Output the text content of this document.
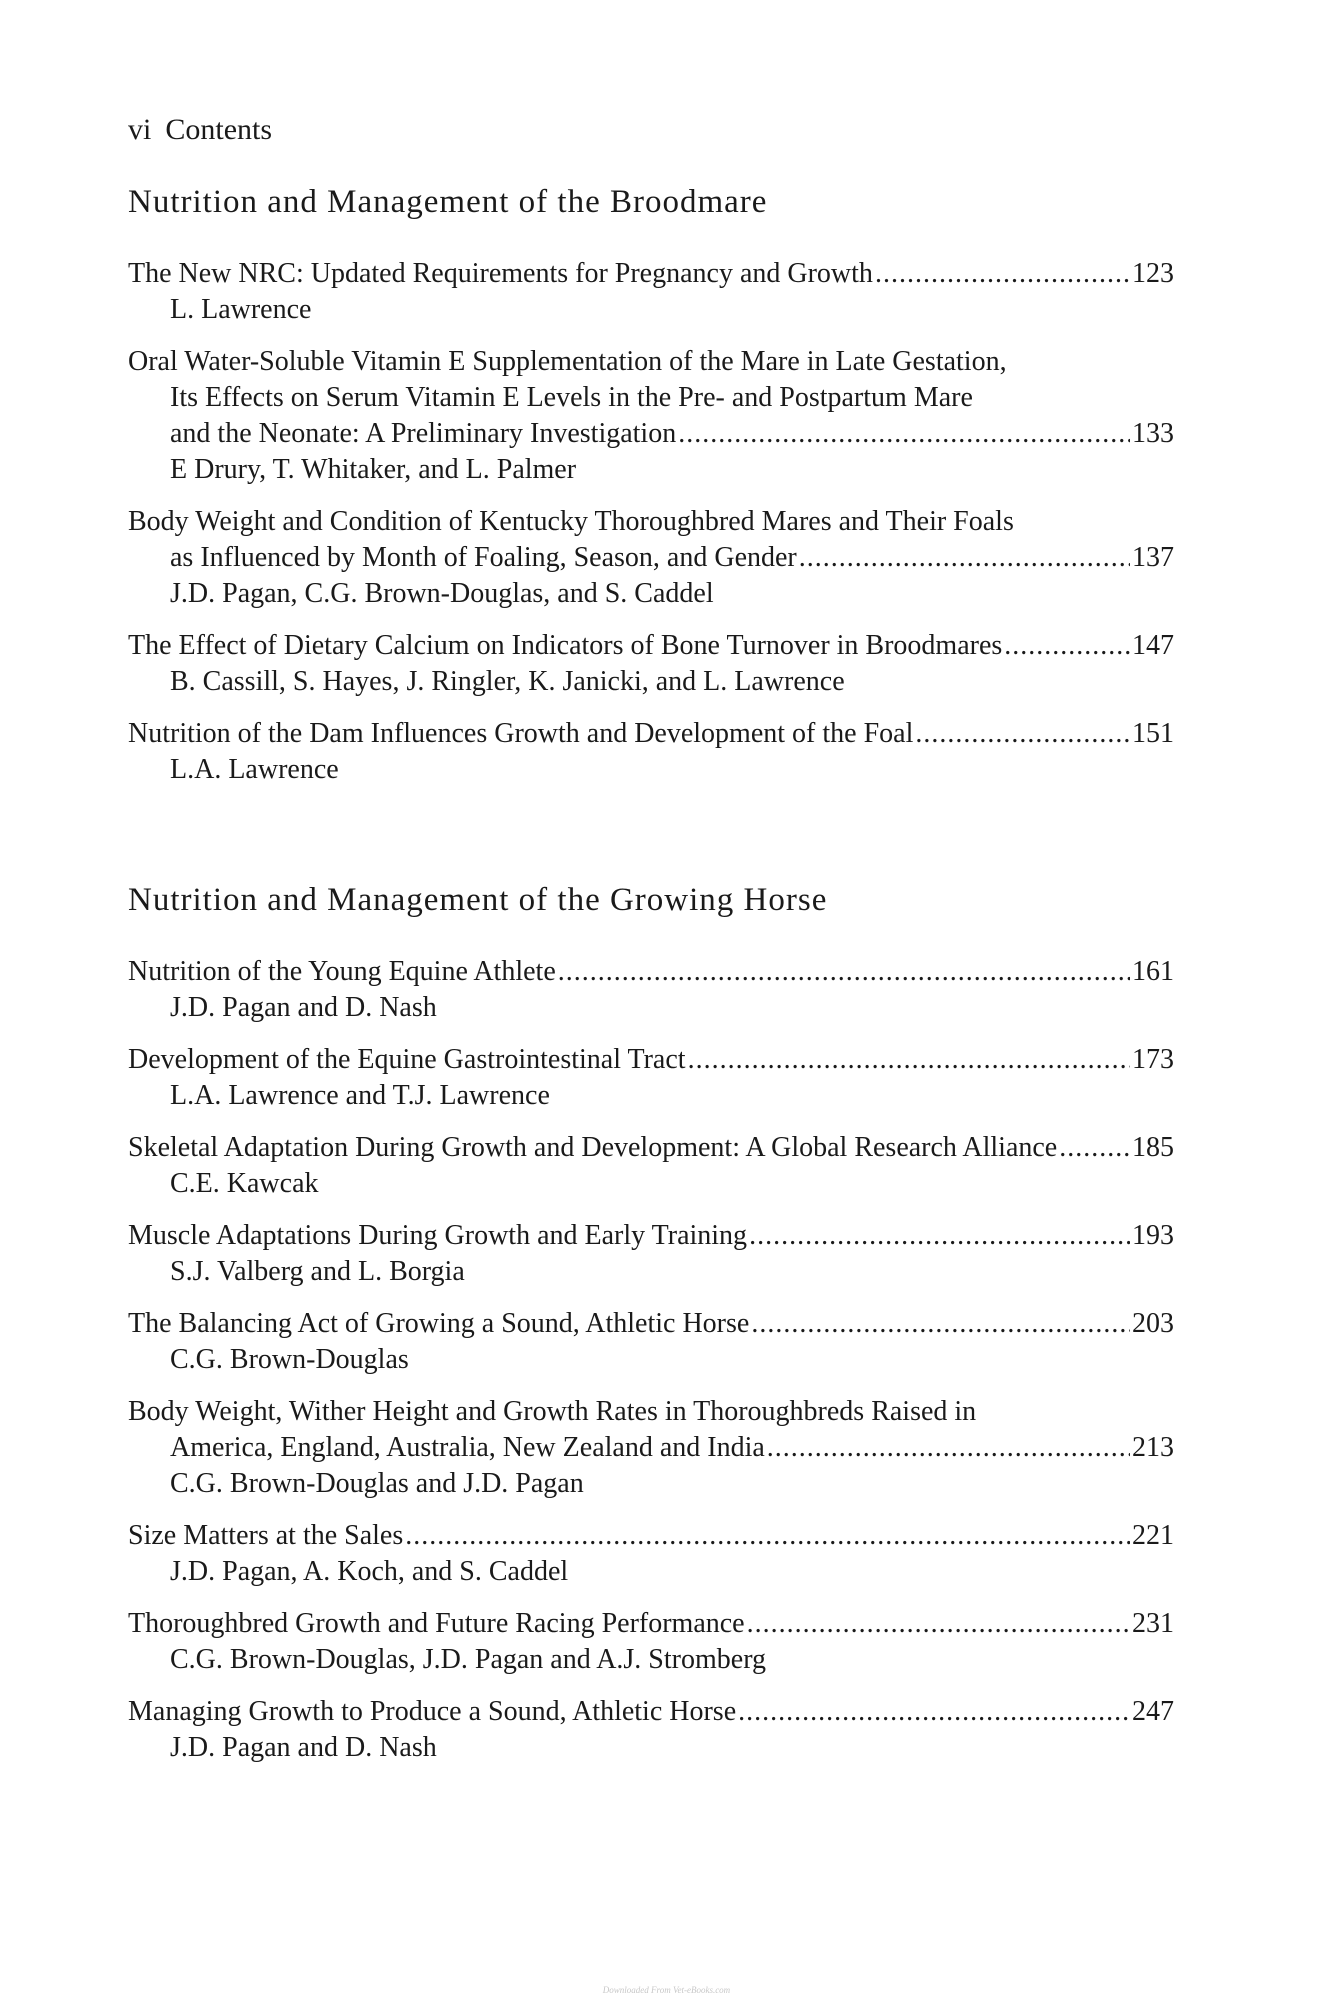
vi Contents
Nutrition and Management of the Broodmare
The New NRC: Updated Requirements for Pregnancy and Growth .....	123
L. Lawrence
Oral Water-Soluble Vitamin E Supplementation of the Mare in Late Gestation,
Its Effects on Serum Vitamin E Levels in the Pre- and Postpartum Mare
and the Neonate: A Preliminary Investigation .....	133
E Drury, T. Whitaker, and L. Palmer
Body Weight and Condition of Kentucky Thoroughbred Mares and Their Foals
as Influenced by Month of Foaling, Season, and Gender .....	137
J.D. Pagan, C.G. Brown-Douglas, and S. Caddel
The Effect of Dietary Calcium on Indicators of Bone Turnover in Broodmares .....	147
B. Cassill, S. Hayes, J. Ringler, K. Janicki, and L. Lawrence
Nutrition of the Dam Influences Growth and Development of the Foal .....	151
L.A. Lawrence
Nutrition and Management of the Growing Horse
Nutrition of the Young Equine Athlete .....	161
J.D. Pagan and D. Nash
Development of the Equine Gastrointestinal Tract .....	173
L.A. Lawrence and T.J. Lawrence
Skeletal Adaptation During Growth and Development: A Global Research Alliance .....	185
C.E. Kawcak
Muscle Adaptations During Growth and Early Training .....	193
S.J. Valberg and L. Borgia
The Balancing Act of Growing a Sound, Athletic Horse .....	203
C.G. Brown-Douglas
Body Weight, Wither Height and Growth Rates in Thoroughbreds Raised in
America, England, Australia, New Zealand and India .....	213
C.G. Brown-Douglas and J.D. Pagan
Size Matters at the Sales .....	221
J.D. Pagan, A. Koch, and S. Caddel
Thoroughbred Growth and Future Racing Performance .....	231
C.G. Brown-Douglas, J.D. Pagan and A.J. Stromberg
Managing Growth to Produce a Sound, Athletic Horse .....	247
J.D. Pagan and D. Nash
Downloaded From Vet-eBooks.com
